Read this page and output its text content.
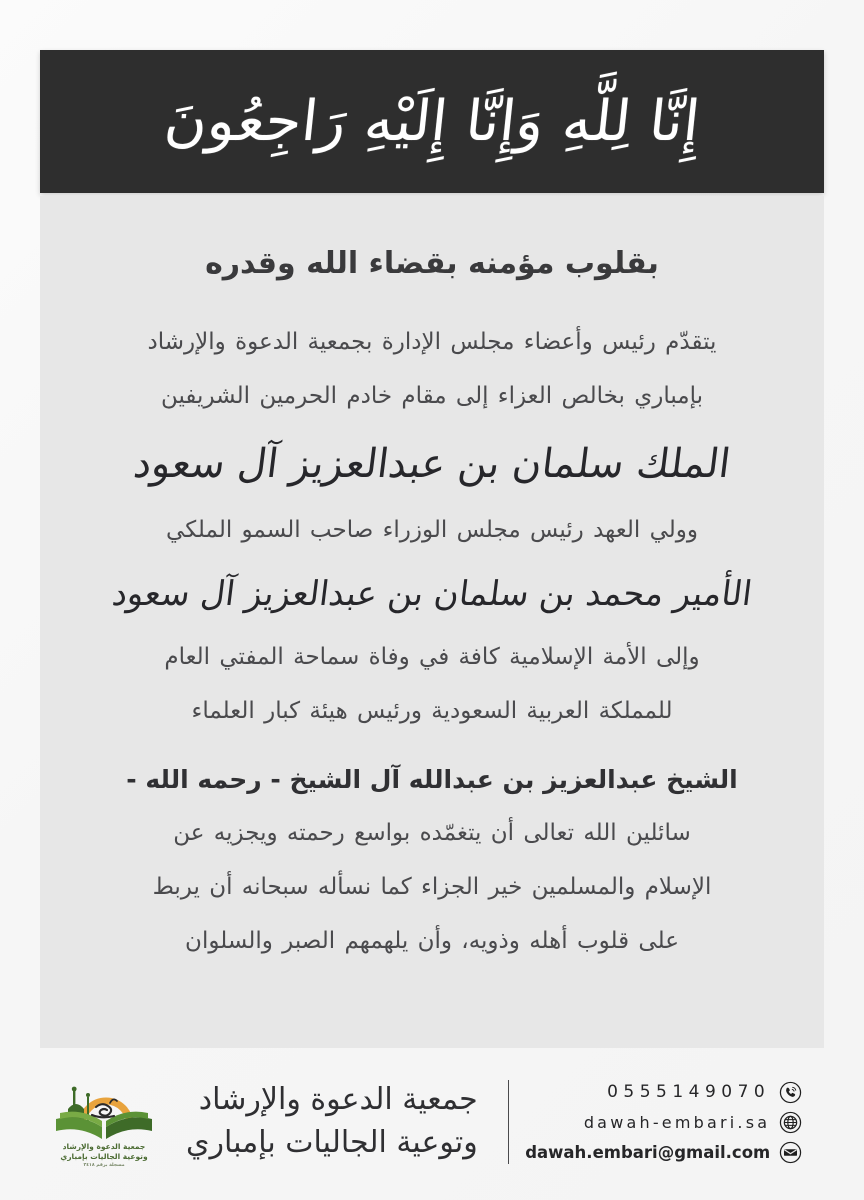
إِنَّا لِلَّهِ وَإِنَّا إِلَيْهِ رَاجِعُونَ
بقلوب مؤمنه بقضاء الله وقدره
يتقدّم رئيس وأعضاء مجلس الإدارة بجمعية الدعوة والإرشاد
بإمباري بخالص العزاء إلى مقام خادم الحرمين الشريفين
الملك سلمان بن عبدالعزيز آل سعود
وولي العهد رئيس مجلس الوزراء صاحب السمو الملكي
الأمير محمد بن سلمان بن عبدالعزيز آل سعود
وإلى الأمة الإسلامية كافة في وفاة سماحة المفتي العام
للمملكة العربية السعودية ورئيس هيئة كبار العلماء
الشيخ عبدالعزيز بن عبدالله آل الشيخ - رحمه الله -
سائلين الله تعالى أن يتغمّده بواسع رحمته ويجزيه عن
الإسلام والمسلمين خير الجزاء كما نسأله سبحانه أن يربط
على قلوب أهله وذويه، وأن يلهمهم الصبر والسلوان
جمعية الدعوة والإرشاد
وتوعية الجاليات بإمباري
مسجلة برقم ٣٤١٨
جمعية الدعوة والإرشاد
وتوعية الجاليات بإمباري
0555149070
dawah-embari.sa
dawah.embari@gmail.com
